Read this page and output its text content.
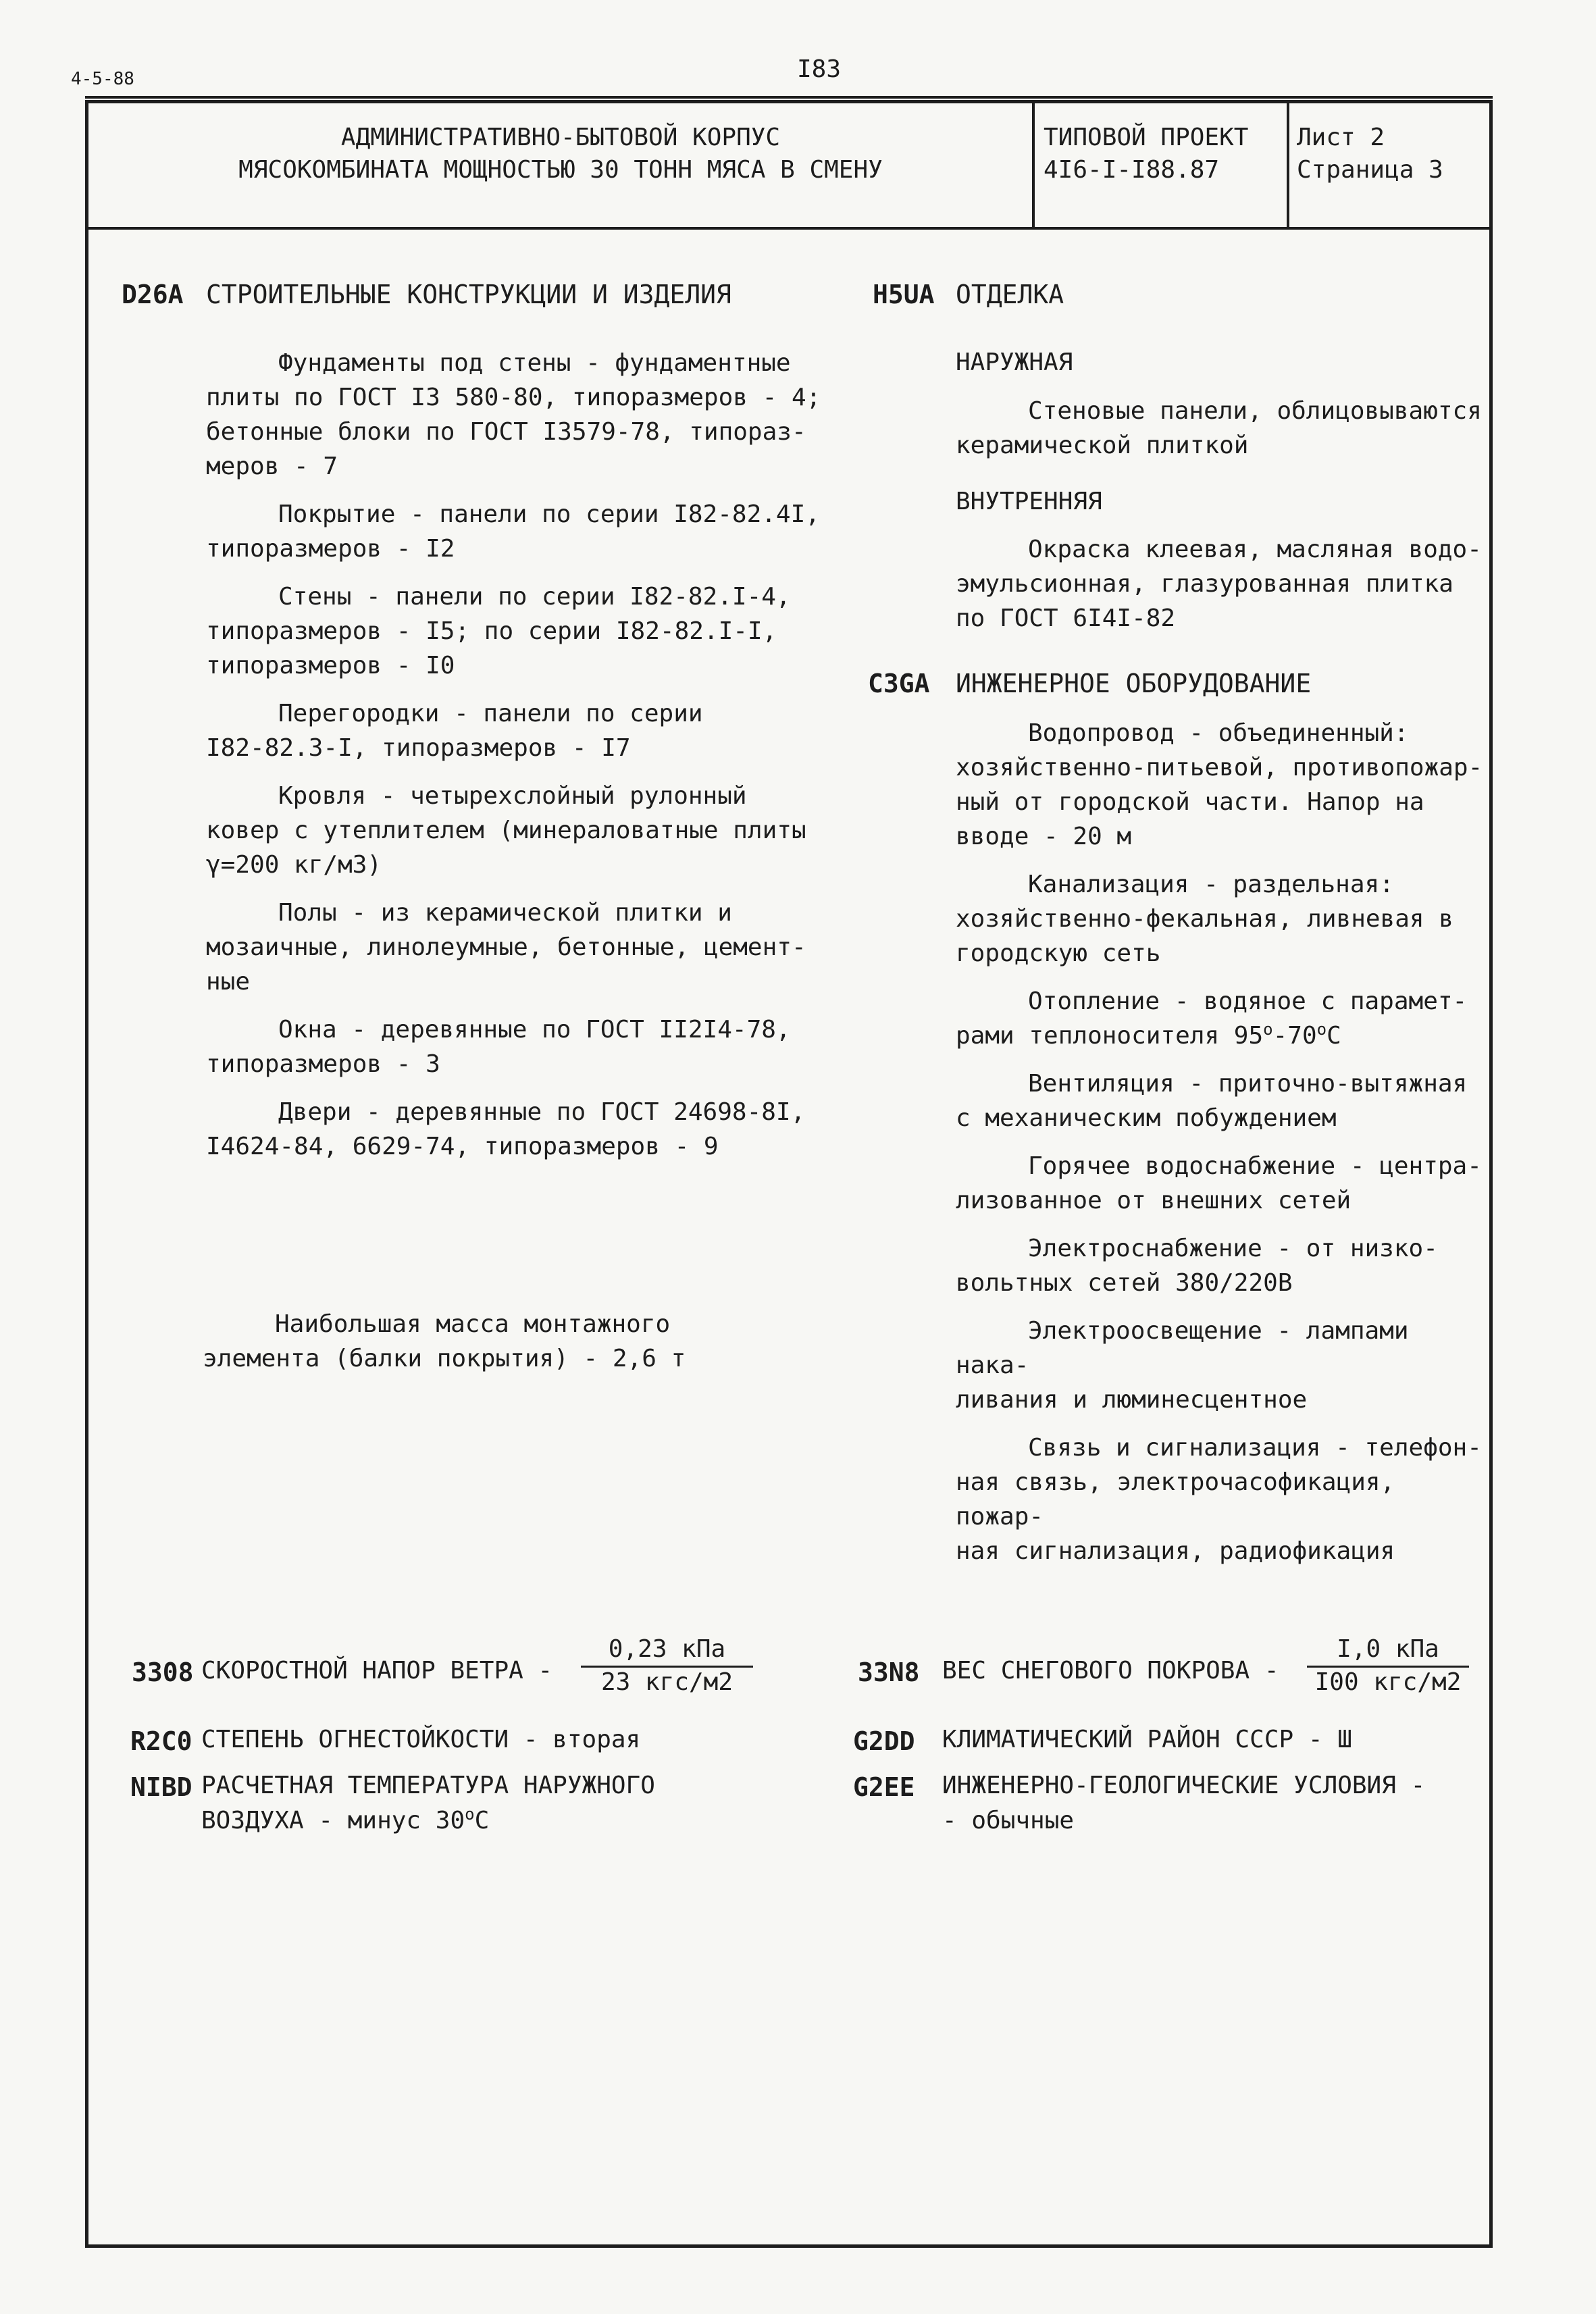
4-5-88	I83
АДМИНИСТРАТИВНО-БЫТОВОЙ КОРПУС
МЯСОКОМБИНАТА МОЩНОСТЬЮ 30 ТОНН МЯСА В СМЕНУ
ТИПОВОЙ ПРОЕКТ
4I6-I-I88.87
Лист 2
Страница 3
D26A СТРОИТЕЛЬНЫЕ КОНСТРУКЦИИ И ИЗДЕЛИЯ

Фундаменты под стены - фундаментные
плиты по ГОСТ I3 580-80, типоразмеров - 4;
бетонные блоки по ГОСТ I3579-78, типораз-
меров - 7

Покрытие - панели по серии I82-82.4I,
типоразмеров - I2

Стены - панели по серии I82-82.I-4,
типоразмеров - I5; по серии I82-82.I-I,
типоразмеров - I0

Перегородки - панели по серии
I82-82.3-I, типоразмеров - I7

Кровля - четырехслойный рулонный
ковер с утеплителем (минераловатные плиты
γ=200 кг/м3)

Полы - из керамической плитки и
мозаичные, линолеумные, бетонные, цемент-
ные

Окна - деревянные по ГОСТ II2I4-78,
типоразмеров - 3

Двери - деревянные по ГОСТ 24698-8I,
I4624-84, 6629-74, типоразмеров - 9

Наибольшая масса монтажного
элемента (балки покрытия) - 2,6 т

H5UA ОТДЕЛКА
НАРУЖНАЯ

Стеновые панели, облицовываются
керамической плиткой

ВНУТРЕННЯЯ

Окраска клеевая, масляная водо-
эмульсионная, глазурованная плитка
по ГОСТ 6I4I-82

C3GA ИНЖЕНЕРНОЕ ОБОРУДОВАНИЕ

Водопровод - объединенный:
хозяйственно-питьевой, противопожар-
ный от городской части. Напор на
вводе - 20 м

Канализация - раздельная:
хозяйственно-фекальная, ливневая в
городскую сеть

Отопление - водяное с парамет-
рами теплоносителя $95^о-70^оС$

Вентиляция - приточно-вытяжная
с механическим побуждением

Горячее водоснабжение - центра-
лизованное от внешних сетей

Электроснабжение - от низко-
вольтных сетей 380/220В

Электроосвещение - лампами нака-
ливания и люминесцентное

Связь и сигнализация - телефон-
ная связь, электрочасофикация, пожар-
ная сигнализация, радиофикация

3308 СКОРОСТНОЙ НАПОР ВЕТРА -
0,23 кПа
23 кгс/м2
R2C0 СТЕПЕНЬ ОГНЕСТОЙКОСТИ - вторая
NIBD РАСЧЕТНАЯ ТЕМПЕРАТУРА НАРУЖНОГО
ВОЗДУХА - минус $30^оС$
33N8 ВЕС СНЕГОВОГО ПОКРОВА -
I,0 кПа
I00 кгс/м2
G2DD КЛИМАТИЧЕСКИЙ РАЙОН СССР - Ш
G2EE ИНЖЕНЕРНО-ГЕОЛОГИЧЕСКИЕ УСЛОВИЯ -
- обычные
